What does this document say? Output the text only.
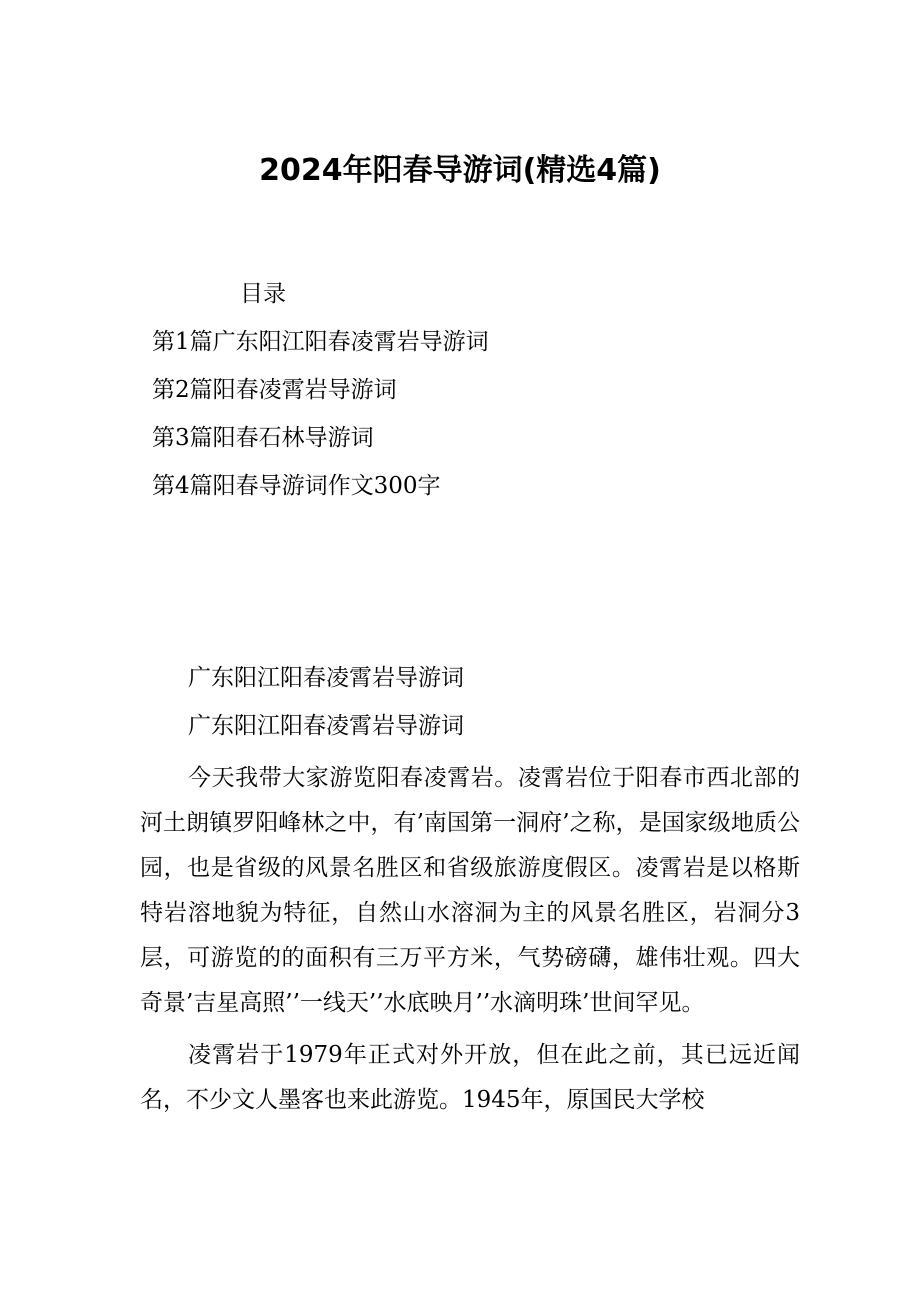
2024年阳春导游词(精选4篇)
目录
第1篇广东阳江阳春凌霄岩导游词
第2篇阳春凌霄岩导游词
第3篇阳春石林导游词
第4篇阳春导游词作文300字

广东阳江阳春凌霄岩导游词

广东阳江阳春凌霄岩导游词

今天我带大家游览阳春凌霄岩。凌霄岩位于阳春市西北部的河土朗镇罗阳峰林之中，有’南国第一洞府’之称，是国家级地质公园，也是省级的风景名胜区和省级旅游度假区。凌霄岩是以格斯特岩溶地貌为特征，自然山水溶洞为主的风景名胜区，岩洞分3层，可游览的的面积有三万平方米，气势磅礴，雄伟壮观。四大奇景’吉星高照’’一线天’’水底映月’’水滴明珠’世间罕见。

凌霄岩于1979年正式对外开放，但在此之前，其已远近闻名，不少文人墨客也来此游览。1945年，原国民大学校
